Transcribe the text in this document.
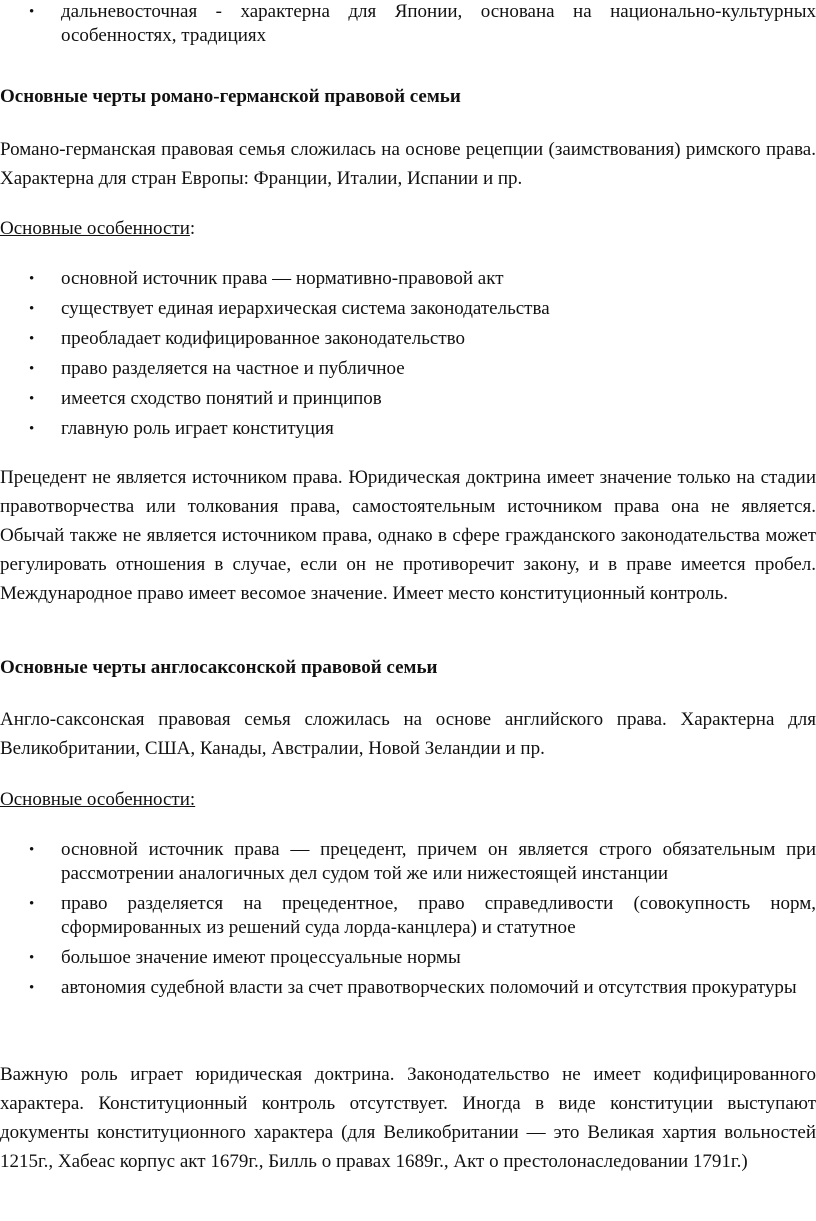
• дальневосточная - характерна для Японии, основана на национально-культурных особенностях, традициях

Основные черты романо-германской правовой семьи

Романо-германская правовая семья сложилась на основе рецепции (заимствования) римского права. Характерна для стран Европы: Франции, Италии, Испании и пр.

Основные особенности:

• основной источник права — нормативно-правовой акт
• существует единая иерархическая система законодательства
• преобладает кодифицированное законодательство
• право разделяется на частное и публичное
• имеется сходство понятий и принципов
• главную роль играет конституция

Прецедент не является источником права. Юридическая доктрина имеет значение только на стадии правотворчества или толкования права, самостоятельным источником права она не является. Обычай также не является источником права, однако в сфере гражданского законодательства может регулировать отношения в случае, если он не противоречит закону, и в праве имеется пробел. Международное право имеет весомое значение. Имеет место конституционный контроль.

Основные черты англосаксонской правовой семьи

Англо-саксонская правовая семья сложилась на основе английского права. Характерна для Великобритании, США, Канады, Австралии, Новой Зеландии и пр.

Основные особенности:

• основной источник права — прецедент, причем он является строго обязательным при рассмотрении аналогичных дел судом той же или нижестоящей инстанции
• право разделяется на прецедентное, право справедливости (совокупность норм, сформированных из решений суда лорда-канцлера) и статутное
• большое значение имеют процессуальные нормы
• автономия судебной власти за счет правотворческих поломочий и отсутствия прокуратуры

Важную роль играет юридическая доктрина. Законодательство не имеет кодифицированного характера. Конституционный контроль отсутствует. Иногда в виде конституции выступают документы конституционного характера (для Великобритании — это Великая хартия вольностей 1215г., Хабеас корпус акт 1679г., Билль о правах 1689г., Акт о престолонаследовании 1791г.)
